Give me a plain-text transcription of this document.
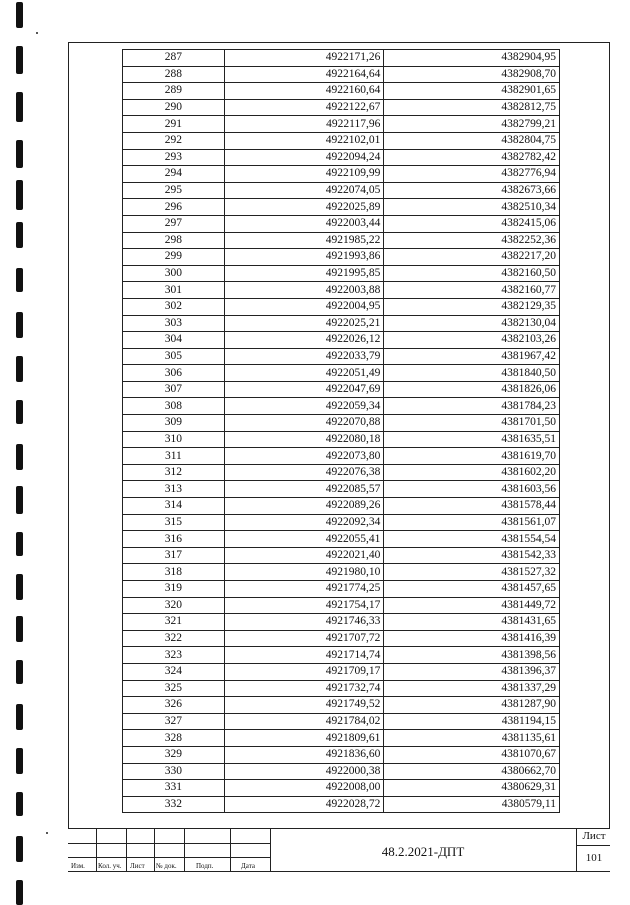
287	4922171,26	4382904,95
288	4922164,64	4382908,70
289	4922160,64	4382901,65
290	4922122,67	4382812,75
291	4922117,96	4382799,21
292	4922102,01	4382804,75
293	4922094,24	4382782,42
294	4922109,99	4382776,94
295	4922074,05	4382673,66
296	4922025,89	4382510,34
297	4922003,44	4382415,06
298	4921985,22	4382252,36
299	4921993,86	4382217,20
300	4921995,85	4382160,50
301	4922003,88	4382160,77
302	4922004,95	4382129,35
303	4922025,21	4382130,04
304	4922026,12	4382103,26
305	4922033,79	4381967,42
306	4922051,49	4381840,50
307	4922047,69	4381826,06
308	4922059,34	4381784,23
309	4922070,88	4381701,50
310	4922080,18	4381635,51
311	4922073,80	4381619,70
312	4922076,38	4381602,20
313	4922085,57	4381603,56
314	4922089,26	4381578,44
315	4922092,34	4381561,07
316	4922055,41	4381554,54
317	4922021,40	4381542,33
318	4921980,10	4381527,32
319	4921774,25	4381457,65
320	4921754,17	4381449,72
321	4921746,33	4381431,65
322	4921707,72	4381416,39
323	4921714,74	4381398,56
324	4921709,17	4381396,37
325	4921732,74	4381337,29
326	4921749,52	4381287,90
327	4921784,02	4381194,15
328	4921809,61	4381135,61
329	4921836,60	4381070,67
330	4922000,38	4380662,70
331	4922008,00	4380629,31
332	4922028,72	4380579,11
Изм. Кол. уч. Лист № док.	Подп.	Дата
48.2.2021-ДПТ
Лист
101
